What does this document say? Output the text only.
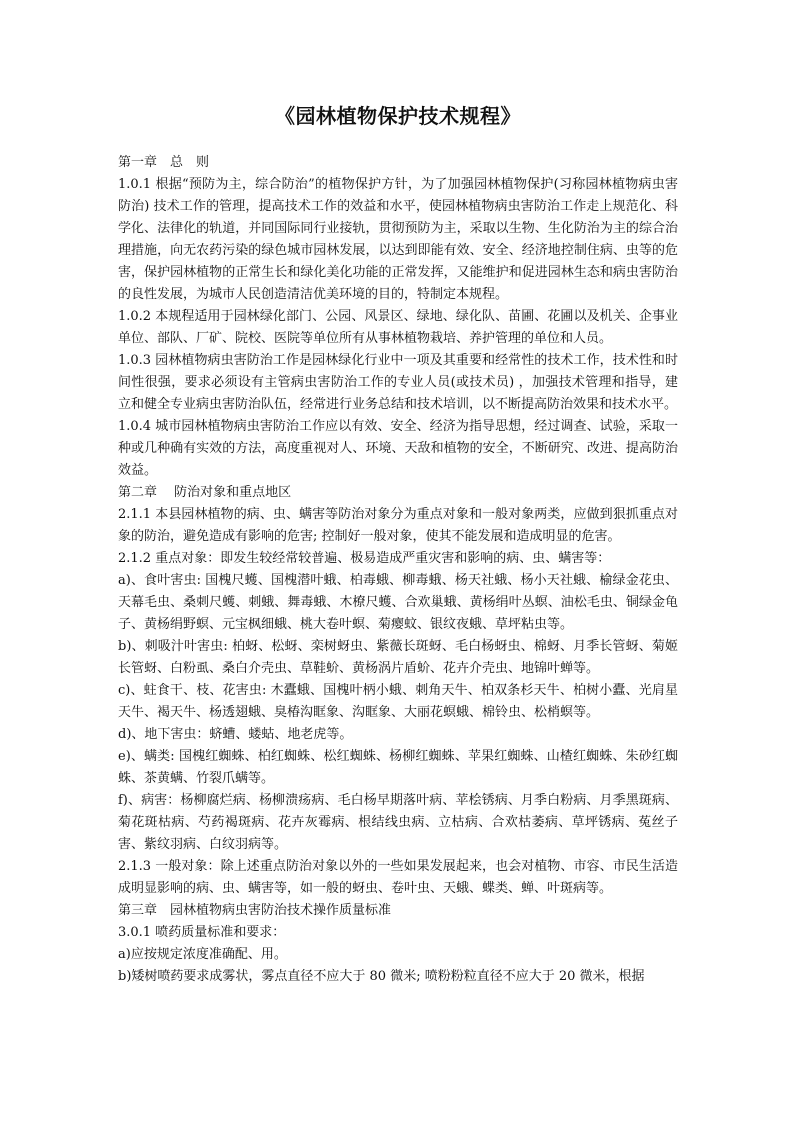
《园林植物保护技术规程》

第一章　总　则

1.0.1 根据“预防为主，综合防治”的植物保护方针，为了加强园林植物保护(习称园林植物病虫害防治) 技术工作的管理，提高技术工作的效益和水平，使园林植物病虫害防治工作走上规范化、科学化、法律化的轨道，并同国际同行业接轨，贯彻预防为主，采取以生物、生化防治为主的综合治理措施，向无农药污染的绿色城市园林发展，以达到即能有效、安全、经济地控制住病、虫等的危害，保护园林植物的正常生长和绿化美化功能的正常发挥，又能维护和促进园林生态和病虫害防治的良性发展，为城市人民创造清洁优美环境的目的，特制定本规程。

1.0.2 本规程适用于园林绿化部门、公园、风景区、绿地、绿化队、苗圃、花圃以及机关、企事业单位、部队、厂矿、院校、医院等单位所有从事林植物栽培、养护管理的单位和人员。

1.0.3 园林植物病虫害防治工作是园林绿化行业中一项及其重要和经常性的技术工作，技术性和时间性很强，要求必须设有主管病虫害防治工作的专业人员(或技术员) ，加强技术管理和指导，建立和健全专业病虫害防治队伍，经常进行业务总结和技术培训，以不断提高防治效果和技术水平。

1.0.4 城市园林植物病虫害防治工作应以有效、安全、经济为指导思想，经过调查、试验，采取一种或几种确有实效的方法，高度重视对人、环境、天敌和植物的安全，不断研究、改进、提高防治效益。

第二章　 防治对象和重点地区

2.1.1 本县园林植物的病、虫、螨害等防治对象分为重点对象和一般对象两类，应做到狠抓重点对象的防治，避免造成有影响的危害; 控制好一般对象，使其不能发展和造成明显的危害。

2.1.2 重点对象：即发生较经常较普遍、极易造成严重灾害和影响的病、虫、螨害等：

a)、食叶害虫: 国槐尺蠖、国槐潜叶蛾、柏毒蛾、柳毒蛾、杨天社蛾、杨小天社蛾、榆绿金花虫、天幕毛虫、桑刺尺蠖、刺蛾、舞毒蛾、木橑尺蠖、合欢巢蛾、黄杨绢叶丛螟、油松毛虫、铜绿金龟子、黄杨绢野螟、元宝枫细蛾、桃大卷叶螟、菊瘿蚊、银纹夜蛾、草坪粘虫等。

b)、刺吸汁叶害虫: 柏蚜、松蚜、栾树蚜虫、紫薇长斑蚜、毛白杨蚜虫、棉蚜、月季长管蚜、菊姬长管蚜、白粉虱、桑白介壳虫、草鞋蚧、黄杨涡片盾蚧、花卉介壳虫、地锦叶蝉等。

c)、蛀食干、枝、花害虫: 木蠹蛾、国槐叶柄小蛾、刺角天牛、柏双条杉天牛、柏树小蠹、光肩星天牛、褐天牛、杨透翅蛾、臭椿沟眶象、沟眶象、大丽花螟蛾、棉铃虫、松梢螟等。

d)、地下害虫：蛴螬、蝼蛄、地老虎等。

e)、螨类: 国槐红蜘蛛、柏红蜘蛛、松红蜘蛛、杨柳红蜘蛛、苹果红蜘蛛、山楂红蜘蛛、朱砂红蜘蛛、茶黄螨、竹裂爪螨等。

f)、病害：杨柳腐烂病、杨柳溃疡病、毛白杨早期落叶病、苹桧锈病、月季白粉病、月季黑斑病、菊花斑枯病、芍药褐斑病、花卉灰霉病、根结线虫病、立枯病、合欢枯萎病、草坪锈病、菟丝子害、紫纹羽病、白纹羽病等。

2.1.3 一般对象：除上述重点防治对象以外的一些如果发展起来，也会对植物、市容、市民生活造成明显影响的病、虫、螨害等，如一般的蚜虫、卷叶虫、天蛾、蝶类、蝉、叶斑病等。

第三章　园林植物病虫害防治技术操作质量标准

3.0.1 喷药质量标准和要求：

a)应按规定浓度准确配、用。

b)矮树喷药要求成雾状，雾点直径不应大于 80 微米; 喷粉粉粒直径不应大于 20 微米，根据
